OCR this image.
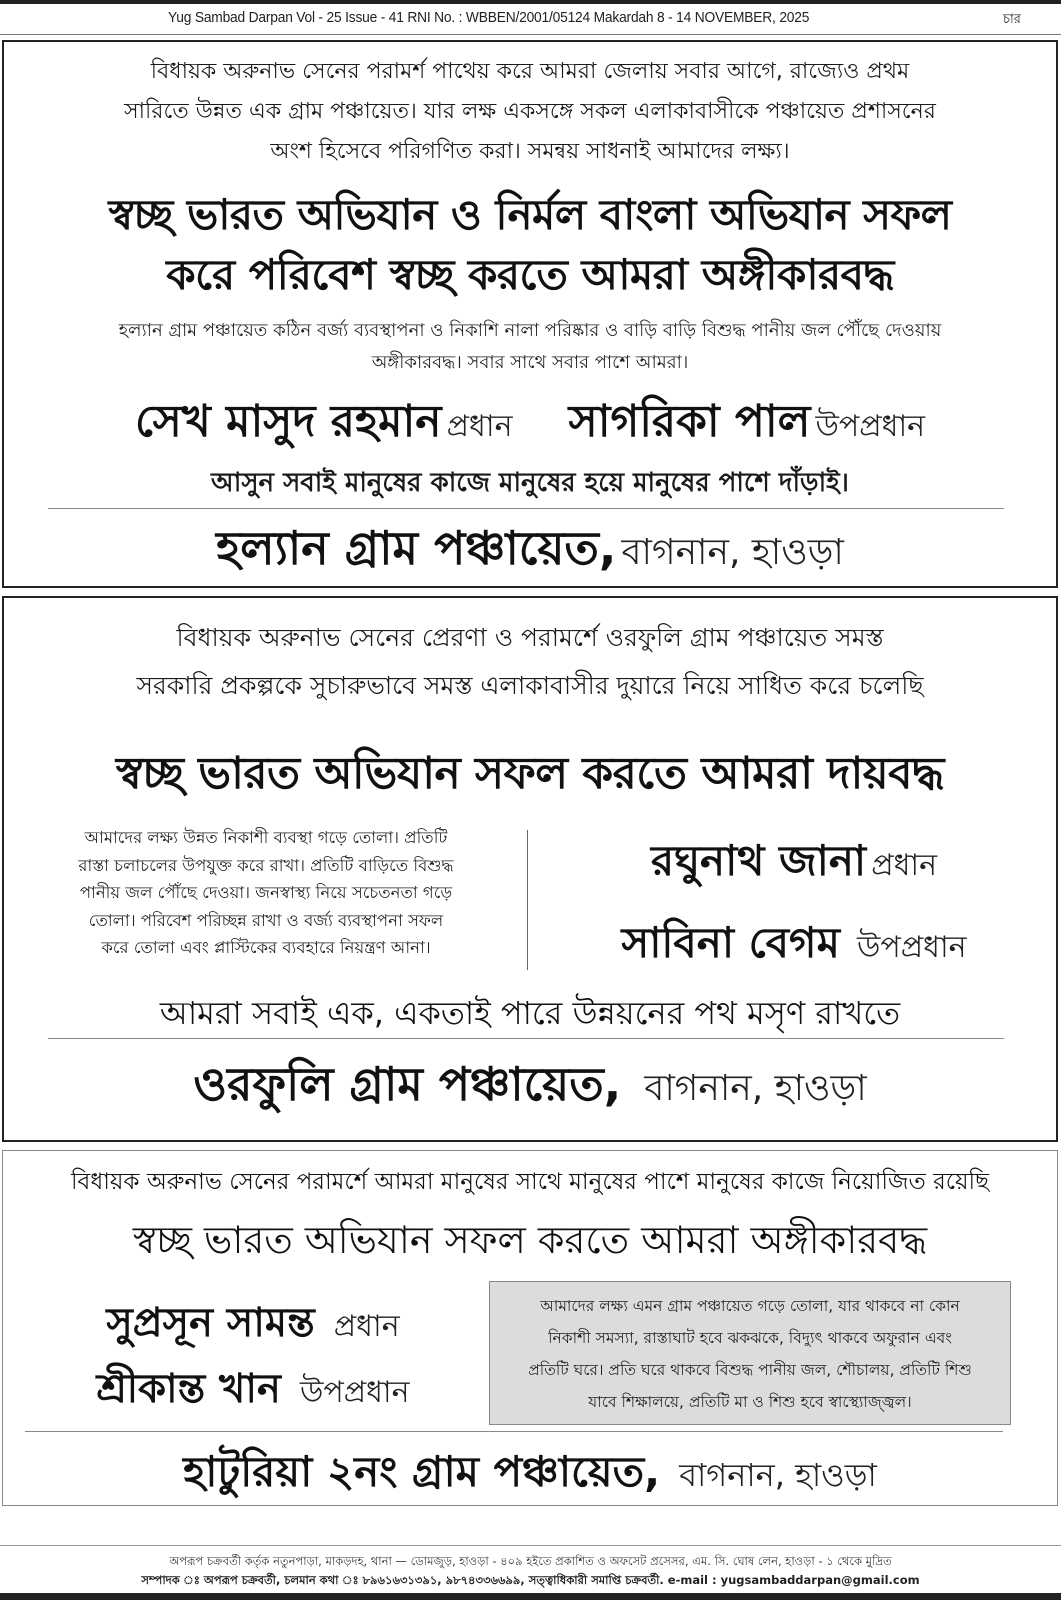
Yug Sambad Darpan Vol - 25 Issue - 41 RNI No. : WBBEN/2001/05124 Makardah 8 - 14 NOVEMBER, 2025	চার
বিধায়ক অরুনাভ সেনের পরামর্শ পাথেয় করে আমরা জেলায় সবার আগে, রাজ্যেও প্রথম
সারিতে উন্নত এক গ্রাম পঞ্চায়েত। যার লক্ষ একসঙ্গে সকল এলাকাবাসীকে পঞ্চায়েত প্রশাসনের
অংশ হিসেবে পরিগণিত করা। সমন্বয় সাধনাই আমাদের লক্ষ্য।
স্বচ্ছ ভারত অভিযান ও নির্মল বাংলা অভিযান সফল
করে পরিবেশ স্বচ্ছ করতে আমরা অঙ্গীকারবদ্ধ
হল্যান গ্রাম পঞ্চায়েত কঠিন বর্জ্য ব্যবস্থাপনা ও নিকাশি নালা পরিষ্কার ও বাড়ি বাড়ি বিশুদ্ধ পানীয় জল পৌঁছে দেওয়ায়
অঙ্গীকারবদ্ধ। সবার সাথে সবার পাশে আমরা।
সেখ মাসুদ রহমান প্রধান সাগরিকা পাল উপপ্রধান
আসুন সবাই মানুষের কাজে মানুষের হয়ে মানুষের পাশে দাঁড়াই।
হল্যান গ্রাম পঞ্চায়েত, বাগনান, হাওড়া
বিধায়ক অরুনাভ সেনের প্রেরণা ও পরামর্শে ওরফুলি গ্রাম পঞ্চায়েত সমস্ত
সরকারি প্রকল্পকে সুচারুভাবে সমস্ত এলাকাবাসীর দুয়ারে নিয়ে সাধিত করে চলেছি
স্বচ্ছ ভারত অভিযান সফল করতে আমরা দায়বদ্ধ
আমাদের লক্ষ্য উন্নত নিকাশী ব্যবস্থা গড়ে তোলা। প্রতিটি
রাস্তা চলাচলের উপযুক্ত করে রাখা। প্রতিটি বাড়িতে বিশুদ্ধ
পানীয় জল পৌঁছে দেওয়া। জনস্বাস্থ্য নিয়ে সচেতনতা গড়ে
তোলা। পরিবেশ পরিচ্ছন্ন রাখা ও বর্জ্য ব্যবস্থাপনা সফল
করে তোলা এবং প্লাস্টিকের ব্যবহারে নিয়ন্ত্রণ আনা।
রঘুনাথ জানা প্রধান
সাবিনা বেগম উপপ্রধান
আমরা সবাই এক, একতাই পারে উন্নয়নের পথ মসৃণ রাখতে
ওরফুলি গ্রাম পঞ্চায়েত, বাগনান, হাওড়া
বিধায়ক অরুনাভ সেনের পরামর্শে আমরা মানুষের সাথে মানুষের পাশে মানুষের কাজে নিয়োজিত রয়েছি
স্বচ্ছ ভারত অভিযান সফল করতে আমরা অঙ্গীকারবদ্ধ
সুপ্রসূন সামন্ত প্রধান
শ্রীকান্ত খান উপপ্রধান
আমাদের লক্ষ্য এমন গ্রাম পঞ্চায়েত গড়ে তোলা, যার থাকবে না কোন
নিকাশী সমস্যা, রাস্তাঘাট হবে ঝকঝকে, বিদ্যুৎ থাকবে অফুরান এবং
প্রতিটি ঘরে। প্রতি ঘরে থাকবে বিশুদ্ধ পানীয় জল, শৌচালয়, প্রতিটি শিশু
যাবে শিক্ষালয়ে, প্রতিটি মা ও শিশু হবে স্বাস্থ্যোজ্জ্বল।
হাটুরিয়া ২নং গ্রাম পঞ্চায়েত, বাগনান, হাওড়া
অপরূপ চক্রবর্তী কর্তৃক নতুনপাড়া, মাকড়দহ, থানা — ডোমজুড়, হাওড়া - ৪০৯ হইতে প্রকাশিত ও অফসেট প্রসেসর, এম. সি. ঘোষ লেন, হাওড়া - ১ থেকে মুদ্রিত
সম্পাদক ঃ অপরূপ চক্রবর্তী, চলমান কথা ঃ ৮৯৬১৬৩১৩৯১, ৯৮৭৪৩৩৬৬৯৯, সত্ত্বাধিকারী সমাপ্তি চক্রবর্তী. e-mail : yugsambaddarpan@gmail.com
